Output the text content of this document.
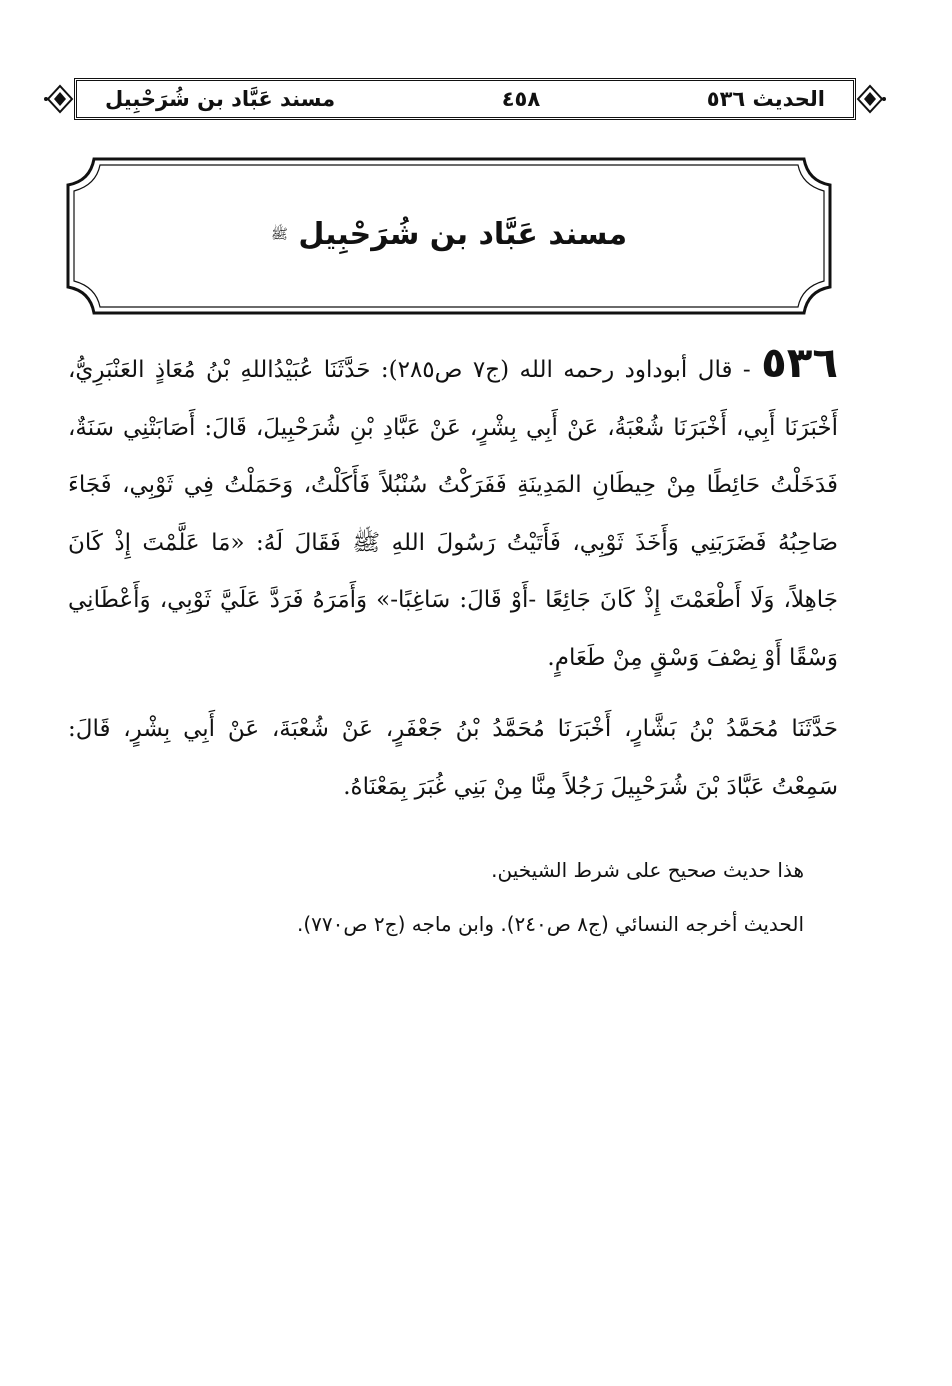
الحديث ٥٣٦
٤٥٨
مسند عَبَّاد بن شُرَحْبِيل
مسند عَبَّاد بن شُرَحْبِيل ﷺ
٥٣٦ - قال أبوداود رحمه الله (ج٧ ص٢٨٥): حَدَّثَنَا عُبَيْدُاللهِ بْنُ مُعَاذٍ العَنْبَرِيُّ، أَخْبَرَنَا أَبِي، أَخْبَرَنَا شُعْبَةُ، عَنْ أَبِي بِشْرٍ، عَنْ عَبَّادِ بْنِ شُرَحْبِيلَ، قَالَ: أَصَابَتْنِي سَنَةٌ، فَدَخَلْتُ حَائِطًا مِنْ حِيطَانِ المَدِينَةِ فَفَرَكْتُ سُنْبُلاً فَأَكَلْتُ، وَحَمَلْتُ فِي ثَوْبِي، فَجَاءَ صَاحِبُهُ فَضَرَبَنِي وَأَخَذَ ثَوْبِي، فَأَتَيْتُ رَسُولَ اللهِ ﷺ فَقَالَ لَهُ: «مَا عَلَّمْتَ إِذْ كَانَ جَاهِلاً، وَلَا أَطْعَمْتَ إِذْ كَانَ جَائِعًا -أَوْ قَالَ: سَاغِبًا-» وَأَمَرَهُ فَرَدَّ عَلَيَّ ثَوْبِي، وَأَعْطَانِي وَسْقًا أَوْ نِصْفَ وَسْقٍ مِنْ طَعَامٍ.
حَدَّثَنَا مُحَمَّدُ بْنُ بَشَّارٍ، أَخْبَرَنَا مُحَمَّدُ بْنُ جَعْفَرٍ، عَنْ شُعْبَةَ، عَنْ أَبِي بِشْرٍ، قَالَ: سَمِعْتُ عَبَّادَ بْنَ شُرَحْبِيلَ رَجُلاً مِنَّا مِنْ بَنِي غُبَرَ بِمَعْنَاهُ.
هذا حديث صحيح على شرط الشيخين.
الحديث أخرجه النسائي (ج٨ ص٢٤٠). وابن ماجه (ج٢ ص٧٧٠).
